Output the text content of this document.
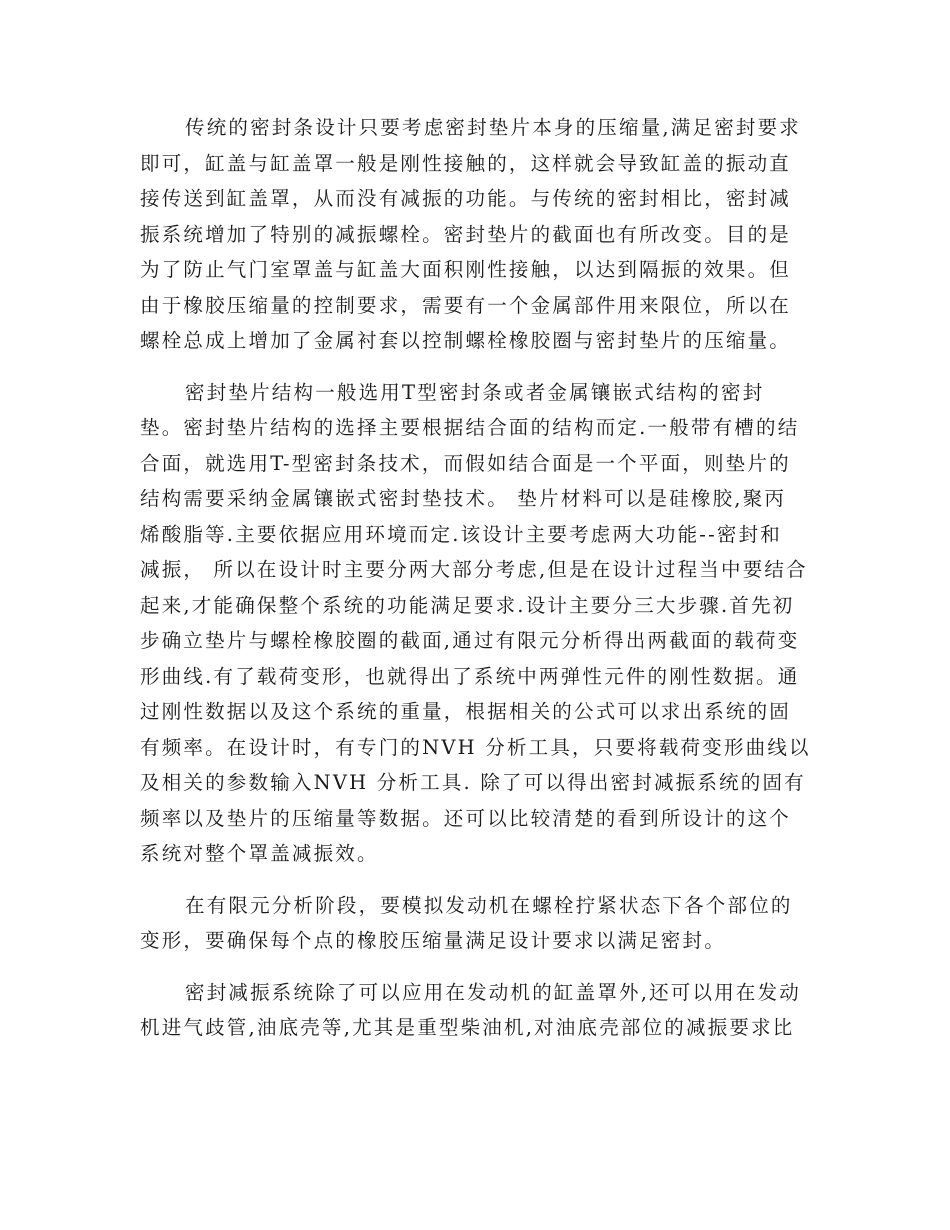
传统的密封条设计只要考虑密封垫片本身的压缩量,满足密封要求
即可，缸盖与缸盖罩一般是刚性接触的，这样就会导致缸盖的振动直
接传送到缸盖罩，从而没有减振的功能。与传统的密封相比，密封减
振系统增加了特别的减振螺栓。密封垫片的截面也有所改变。目的是
为了防止气门室罩盖与缸盖大面积刚性接触，以达到隔振的效果。但
由于橡胶压缩量的控制要求，需要有一个金属部件用来限位，所以在
螺栓总成上增加了金属衬套以控制螺栓橡胶圈与密封垫片的压缩量。

密封垫片结构一般选用T型密封条或者金属镶嵌式结构的密封
垫。密封垫片结构的选择主要根据结合面的结构而定.一般带有槽的结
合面，就选用T-型密封条技术，而假如结合面是一个平面，则垫片的
结构需要采纳金属镶嵌式密封垫技术。 垫片材料可以是硅橡胶,聚丙
烯酸脂等.主要依据应用环境而定.该设计主要考虑两大功能--密封和
减振， 所以在设计时主要分两大部分考虑,但是在设计过程当中要结合
起来,才能确保整个系统的功能满足要求.设计主要分三大步骤.首先初
步确立垫片与螺栓橡胶圈的截面,通过有限元分析得出两截面的载荷变
形曲线.有了载荷变形，也就得出了系统中两弹性元件的刚性数据。通
过刚性数据以及这个系统的重量，根据相关的公式可以求出系统的固
有频率。在设计时，有专门的NVH 分析工具，只要将载荷变形曲线以
及相关的参数输入NVH 分析工具. 除了可以得出密封减振系统的固有
频率以及垫片的压缩量等数据。还可以比较清楚的看到所设计的这个
系统对整个罩盖减振效。

在有限元分析阶段，要模拟发动机在螺栓拧紧状态下各个部位的
变形，要确保每个点的橡胶压缩量满足设计要求以满足密封。

密封减振系统除了可以应用在发动机的缸盖罩外,还可以用在发动
机进气歧管,油底壳等,尤其是重型柴油机,对油底壳部位的减振要求比
